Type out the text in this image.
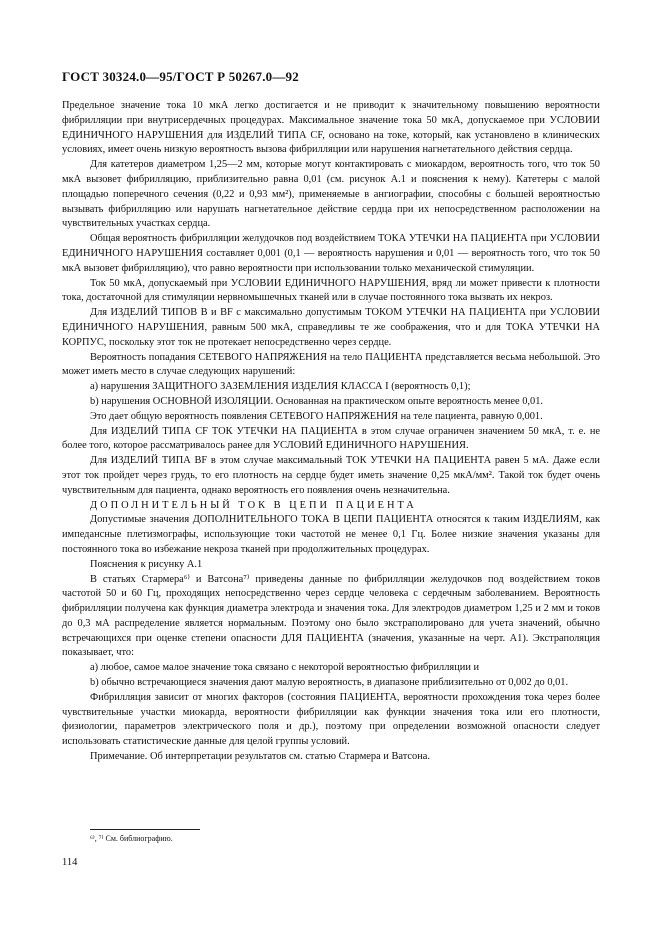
ГОСТ 30324.0—95/ГОСТ Р 50267.0—92

Предельное значение тока 10 мкА легко достигается и не приводит к значительному повышению вероятности фибрилляции при внутрисердечных процедурах. Максимальное значение тока 50 мкА, допускаемое при УСЛОВИИ ЕДИНИЧНОГО НАРУШЕНИЯ для ИЗДЕЛИЙ ТИПА CF, основано на токе, который, как установлено в клинических условиях, имеет очень низкую вероятность вызова фибрилляции или нарушения нагнетательного действия сердца.

Для катетеров диаметром 1,25—2 мм, которые могут контактировать с миокардом, вероятность того, что ток 50 мкА вызовет фибрилляцию, приблизительно равна 0,01 (см. рисунок А.1 и пояснения к нему). Катетеры с малой площадью поперечного сечения (0,22 и 0,93 мм²), применяемые в ангиографии, способны с большей вероятностью вызывать фибрилляцию или нарушать нагнетательное действие сердца при их непосредственном расположении на чувствительных участках сердца.

Общая вероятность фибрилляции желудочков под воздействием ТОКА УТЕЧКИ НА ПАЦИЕНТА при УСЛОВИИ ЕДИНИЧНОГО НАРУШЕНИЯ составляет 0,001 (0,1 — вероятность нарушения и 0,01 — вероятность того, что ток 50 мкА вызовет фибрилляцию), что равно вероятности при использовании только механической стимуляции.

Ток 50 мкА, допускаемый при УСЛОВИИ ЕДИНИЧНОГО НАРУШЕНИЯ, вряд ли может привести к плотности тока, достаточной для стимуляции нервномышечных тканей или в случае постоянного тока вызвать их некроз.

Для ИЗДЕЛИЙ ТИПОВ В и BF с максимально допустимым ТОКОМ УТЕЧКИ НА ПАЦИЕНТА при УСЛОВИИ ЕДИНИЧНОГО НАРУШЕНИЯ, равным 500 мкА, справедливы те же соображения, что и для ТОКА УТЕЧКИ НА КОРПУС, поскольку этот ток не протекает непосредственно через сердце.

Вероятность попадания СЕТЕВОГО НАПРЯЖЕНИЯ на тело ПАЦИЕНТА представляется весьма небольшой. Это может иметь место в случае следующих нарушений:

a) нарушения ЗАЩИТНОГО ЗАЗЕМЛЕНИЯ ИЗДЕЛИЯ КЛАССА I (вероятность 0,1);

b) нарушения ОСНОВНОЙ ИЗОЛЯЦИИ. Основанная на практическом опыте вероятность менее 0,01.

Это дает общую вероятность появления СЕТЕВОГО НАПРЯЖЕНИЯ на теле пациента, равную 0,001.

Для ИЗДЕЛИЙ ТИПА CF ТОК УТЕЧКИ НА ПАЦИЕНТА в этом случае ограничен значением 50 мкА, т. е. не более того, которое рассматривалось ранее для УСЛОВИЙ ЕДИНИЧНОГО НАРУШЕНИЯ.

Для ИЗДЕЛИЙ ТИПА BF в этом случае максимальный ТОК УТЕЧКИ НА ПАЦИЕНТА равен 5 мА. Даже если этот ток пройдет через грудь, то его плотность на сердце будет иметь значение 0,25 мкА/мм². Такой ток будет очень чувствительным для пациента, однако вероятность его появления очень незначительна.

ДОПОЛНИТЕЛЬНЫЙ ТОК В ЦЕПИ ПАЦИЕНТА

Допустимые значения ДОПОЛНИТЕЛЬНОГО ТОКА В ЦЕПИ ПАЦИЕНТА относятся к таким ИЗДЕЛИЯМ, как импеданcные плетизмографы, использующие токи частотой не менее 0,1 Гц. Более низкие значения указаны для постоянного тока во избежание некроза тканей при продолжительных процедурах.

Пояснения к рисунку А.1

В статьях Стармера⁶⁾ и Ватсона⁷⁾ приведены данные по фибрилляции желудочков под воздействием токов частотой 50 и 60 Гц, проходящих непосредственно через сердце человека с сердечным заболеванием. Вероятность фибрилляции получена как функция диаметра электрода и значения тока. Для электродов диаметром 1,25 и 2 мм и токов до 0,3 мА распределение является нормальным. Поэтому оно было экстраполировано для учета значений, обычно встречающихся при оценке степени опасности ДЛЯ ПАЦИЕНТА (значения, указанные на черт. А1). Экстраполяция показывает, что:

a) любое, самое малое значение тока связано с некоторой вероятностью фибрилляции и

b) обычно встречающиеся значения дают малую вероятность, в диапазоне приблизительно от 0,002 до 0,01.

Фибрилляция зависит от многих факторов (состояния ПАЦИЕНТА, вероятности прохождения тока через более чувствительные участки миокарда, вероятности фибрилляции как функции значения тока или его плотности, физиологии, параметров электрического поля и др.), поэтому при определении возможной опасности следует использовать статистические данные для целой группы условий.

Примечание. Об интерпретации результатов см. статью Стармера и Ватсона.

⁶⁾, ⁷⁾ См. библиографию.
114
